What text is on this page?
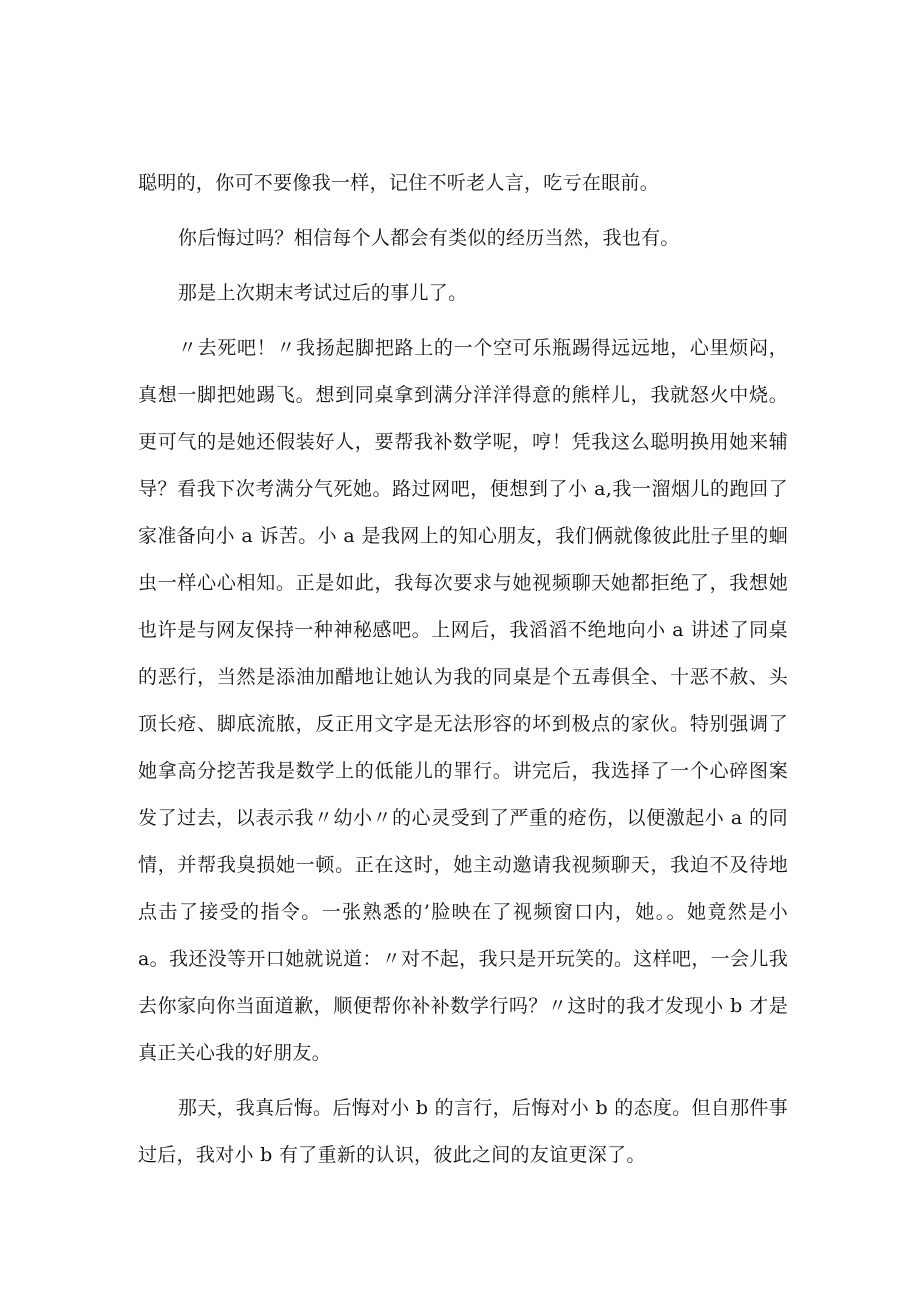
聪明的，你可不要像我一样，记住不听老人言，吃亏在眼前。

你后悔过吗？相信每个人都会有类似的经历当然，我也有。

那是上次期末考试过后的事儿了。

〃去死吧！〃我扬起脚把路上的一个空可乐瓶踢得远远地，心里烦闷，真想一脚把她踢飞。想到同桌拿到满分洋洋得意的熊样儿，我就怒火中烧。更可气的是她还假装好人，要帮我补数学呢，哼！凭我这么聪明换用她来辅导？看我下次考满分气死她。路过网吧，便想到了小 a,我一溜烟儿的跑回了家准备向小 a 诉苦。小 a 是我网上的知心朋友，我们俩就像彼此肚子里的蛔虫一样心心相知。正是如此，我每次要求与她视频聊天她都拒绝了，我想她也许是与网友保持一种神秘感吧。上网后，我滔滔不绝地向小 a 讲述了同桌的恶行，当然是添油加醋地让她认为我的同桌是个五毒俱全、十恶不赦、头顶长疮、脚底流脓，反正用文字是无法形容的坏到极点的家伙。特别强调了她拿高分挖苦我是数学上的低能儿的罪行。讲完后，我选择了一个心碎图案发了过去，以表示我〃幼小〃的心灵受到了严重的疮伤，以便激起小 a 的同情，并帮我臭损她一顿。正在这时，她主动邀请我视频聊天，我迫不及待地点击了接受的指令。一张熟悉的’脸映在了视频窗口内，她。。她竟然是小 a。我还没等开口她就说道：〃对不起，我只是开玩笑的。这样吧，一会儿我去你家向你当面道歉，顺便帮你补补数学行吗？〃这时的我才发现小 b 才是真正关心我的好朋友。

那天，我真后悔。后悔对小 b 的言行，后悔对小 b 的态度。但自那件事过后，我对小 b 有了重新的认识，彼此之间的友谊更深了。
